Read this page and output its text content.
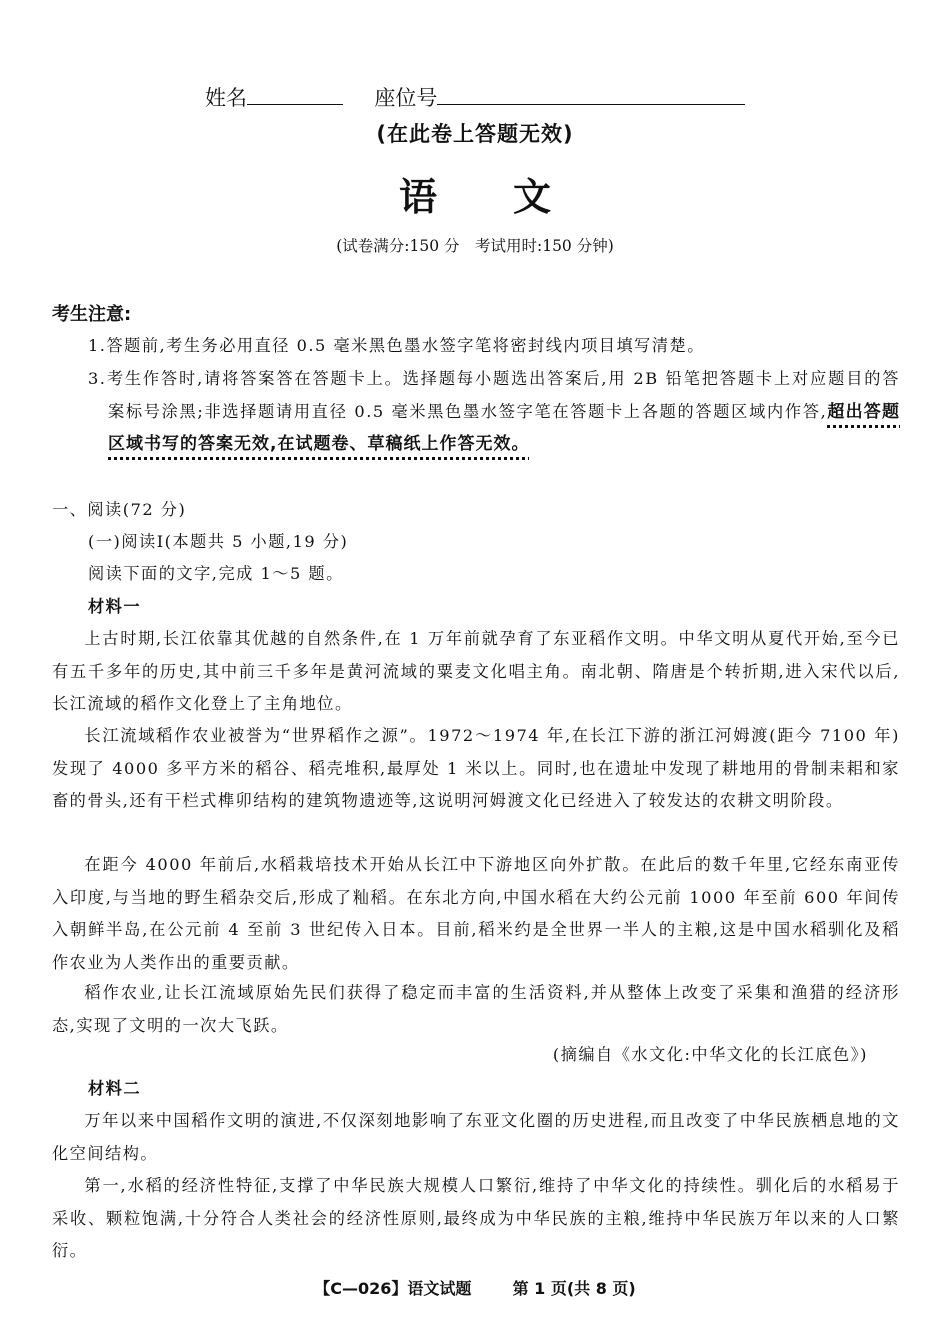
姓名	座位号
(在此卷上答题无效)
语　　文
(试卷满分:150 分　考试用时:150 分钟)
考生注意:
1.答题前,考生务必用直径 0.5 毫米黑色墨水签字笔将密封线内项目填写清楚。
3.考生作答时,请将答案答在答题卡上。选择题每小题选出答案后,用 2B 铅笔把答题卡上对应题目的答案标号涂黑;非选择题请用直径 0.5 毫米黑色墨水签字笔在答题卡上各题的答题区域内作答,超出答题区域书写的答案无效,在试题卷、草稿纸上作答无效。
一、阅读(72 分)
(一)阅读Ⅰ(本题共 5 小题,19 分)
阅读下面的文字,完成 1～5 题。
材料一
上古时期,长江依靠其优越的自然条件,在 1 万年前就孕育了东亚稻作文明。中华文明从夏代开始,至今已有五千多年的历史,其中前三千多年是黄河流域的粟麦文化唱主角。南北朝、隋唐是个转折期,进入宋代以后,长江流域的稻作文化登上了主角地位。
长江流域稻作农业被誉为“世界稻作之源”。1972～1974 年,在长江下游的浙江河姆渡(距今 7100 年)发现了 4000 多平方米的稻谷、稻壳堆积,最厚处 1 米以上。同时,也在遗址中发现了耕地用的骨制耒耜和家畜的骨头,还有干栏式榫卯结构的建筑物遗迹等,这说明河姆渡文化已经进入了较发达的农耕文明阶段。
在距今 4000 年前后,水稻栽培技术开始从长江中下游地区向外扩散。在此后的数千年里,它经东南亚传入印度,与当地的野生稻杂交后,形成了籼稻。在东北方向,中国水稻在大约公元前 1000 年至前 600 年间传入朝鲜半岛,在公元前 4 至前 3 世纪传入日本。目前,稻米约是全世界一半人的主粮,这是中国水稻驯化及稻作农业为人类作出的重要贡献。
稻作农业,让长江流域原始先民们获得了稳定而丰富的生活资料,并从整体上改变了采集和渔猎的经济形态,实现了文明的一次大飞跃。
(摘编自《水文化:中华文化的长江底色》)
材料二
万年以来中国稻作文明的演进,不仅深刻地影响了东亚文化圈的历史进程,而且改变了中华民族栖息地的文化空间结构。
第一,水稻的经济性特征,支撑了中华民族大规模人口繁衍,维持了中华文化的持续性。驯化后的水稻易于采收、颗粒饱满,十分符合人类社会的经济性原则,最终成为中华民族的主粮,维持中华民族万年以来的人口繁衍。
【C—026】语文试题	第 1 页(共 8 页)
